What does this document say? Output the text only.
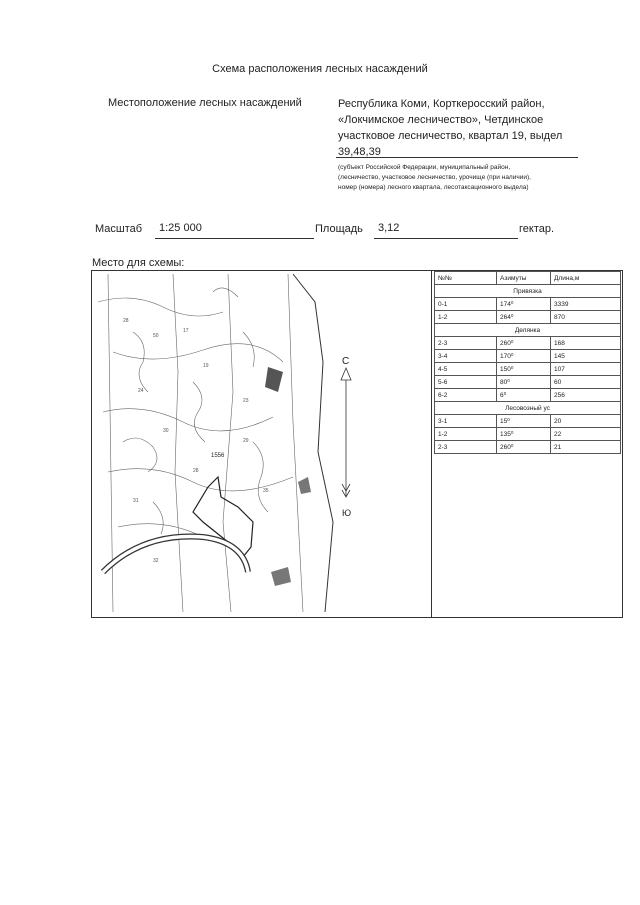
Схема расположения лесных насаждений
Местоположение лесных насаждений	Республика Коми, Корткеросский район,
«Локчимское лесничество», Четдинское
участковое лесничество, квартал 19, выдел
39,48,39
(субъект Российской Федерации, муниципальный район,
(лесничество, участковое лесничество, урочище (при наличии),
номер (номера) лесного квартала, лесотаксационного выдела)
Масштаб	1:25 000	Площадь	3,12	гектар.
Место для схемы:
1556
28
50
17
19
24
23
30
28
31
29
35
32
С
Ю
№№	Азимуты	Длина,м
Привязка		
0-1	174⁰	3339
1-2	264⁰	870
Делянка		
2-3	260⁰	168
3-4	170⁰	145
4-5	150⁰	107
5-6	80⁰	60
6-2	6⁰	256
Лесовозный ус		
3-1	15⁰	20
1-2	135⁰	22
2-3	260⁰	21
